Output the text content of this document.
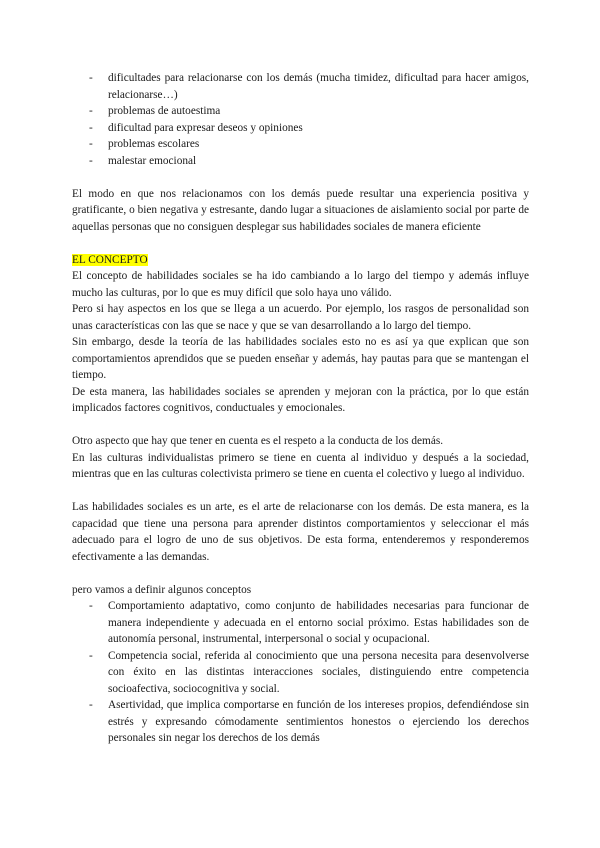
- dificultades para relacionarse con los demás (mucha timidez, dificultad para hacer amigos, relacionarse…)
- problemas de autoestima
- dificultad para expresar deseos y opiniones
- problemas escolares
- malestar emocional

El modo en que nos relacionamos con los demás puede resultar una experiencia positiva y gratificante, o bien negativa y estresante, dando lugar a situaciones de aislamiento social por parte de aquellas personas que no consiguen desplegar sus habilidades sociales de manera eficiente

EL CONCEPTO

El concepto de habilidades sociales se ha ido cambiando a lo largo del tiempo y además influye mucho las culturas, por lo que es muy difícil que solo haya uno válido.

Pero si hay aspectos en los que se llega a un acuerdo. Por ejemplo, los rasgos de personalidad son unas características con las que se nace y que se van desarrollando a lo largo del tiempo.

Sin embargo, desde la teoría de las habilidades sociales esto no es así ya que explican que son comportamientos aprendidos que se pueden enseñar y además, hay pautas para que se mantengan el tiempo.

De esta manera, las habilidades sociales se aprenden y mejoran con la práctica, por lo que están implicados factores cognitivos, conductuales y emocionales.

Otro aspecto que hay que tener en cuenta es el respeto a la conducta de los demás.

En las culturas individualistas primero se tiene en cuenta al individuo y después a la sociedad, mientras que en las culturas colectivista primero se tiene en cuenta el colectivo y luego al individuo.

Las habilidades sociales es un arte, es el arte de relacionarse con los demás. De esta manera, es la capacidad que tiene una persona para aprender distintos comportamientos y seleccionar el más adecuado para el logro de uno de sus objetivos. De esta forma, entenderemos y responderemos efectivamente a las demandas.

pero vamos a definir algunos conceptos

- Comportamiento adaptativo, como conjunto de habilidades necesarias para funcionar de manera independiente y adecuada en el entorno social próximo. Estas habilidades son de autonomía personal, instrumental, interpersonal o social y ocupacional.
- Competencia social, referida al conocimiento que una persona necesita para desenvolverse con éxito en las distintas interacciones sociales, distinguiendo entre competencia socioafectiva, sociocognitiva y social.
- Asertividad, que implica comportarse en función de los intereses propios, defendiéndose sin estrés y expresando cómodamente sentimientos honestos o ejerciendo los derechos personales sin negar los derechos de los demás
